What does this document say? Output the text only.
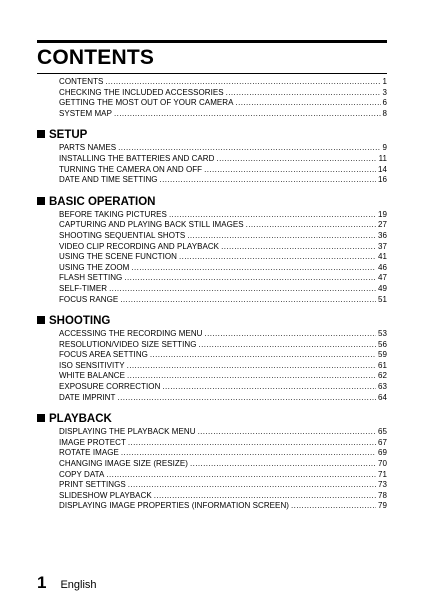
CONTENTS
CONTENTS .....	1
CHECKING THE INCLUDED ACCESSORIES .....	3
GETTING THE MOST OUT OF YOUR CAMERA .....	6
SYSTEM MAP .....	8
SETUP
PARTS NAMES .....	9
INSTALLING THE BATTERIES AND CARD .....	11
TURNING THE CAMERA ON AND OFF .....	14
DATE AND TIME SETTING .....	16
BASIC OPERATION
BEFORE TAKING PICTURES .....	19
CAPTURING AND PLAYING BACK STILL IMAGES .....	27
SHOOTING SEQUENTIAL SHOTS .....	36
VIDEO CLIP RECORDING AND PLAYBACK .....	37
USING THE SCENE FUNCTION .....	41
USING THE ZOOM .....	46
FLASH SETTING .....	47
SELF-TIMER .....	49
FOCUS RANGE .....	51
SHOOTING
ACCESSING THE RECORDING MENU .....	53
RESOLUTION/VIDEO SIZE SETTING .....	56
FOCUS AREA SETTING .....	59
ISO SENSITIVITY .....	61
WHITE BALANCE .....	62
EXPOSURE CORRECTION .....	63
DATE IMPRINT .....	64
PLAYBACK
DISPLAYING THE PLAYBACK MENU .....	65
IMAGE PROTECT .....	67
ROTATE IMAGE .....	69
CHANGING IMAGE SIZE (RESIZE) .....	70
COPY DATA .....	71
PRINT SETTINGS .....	73
SLIDESHOW PLAYBACK .....	78
DISPLAYING IMAGE PROPERTIES (INFORMATION SCREEN) .....	79
1 English
